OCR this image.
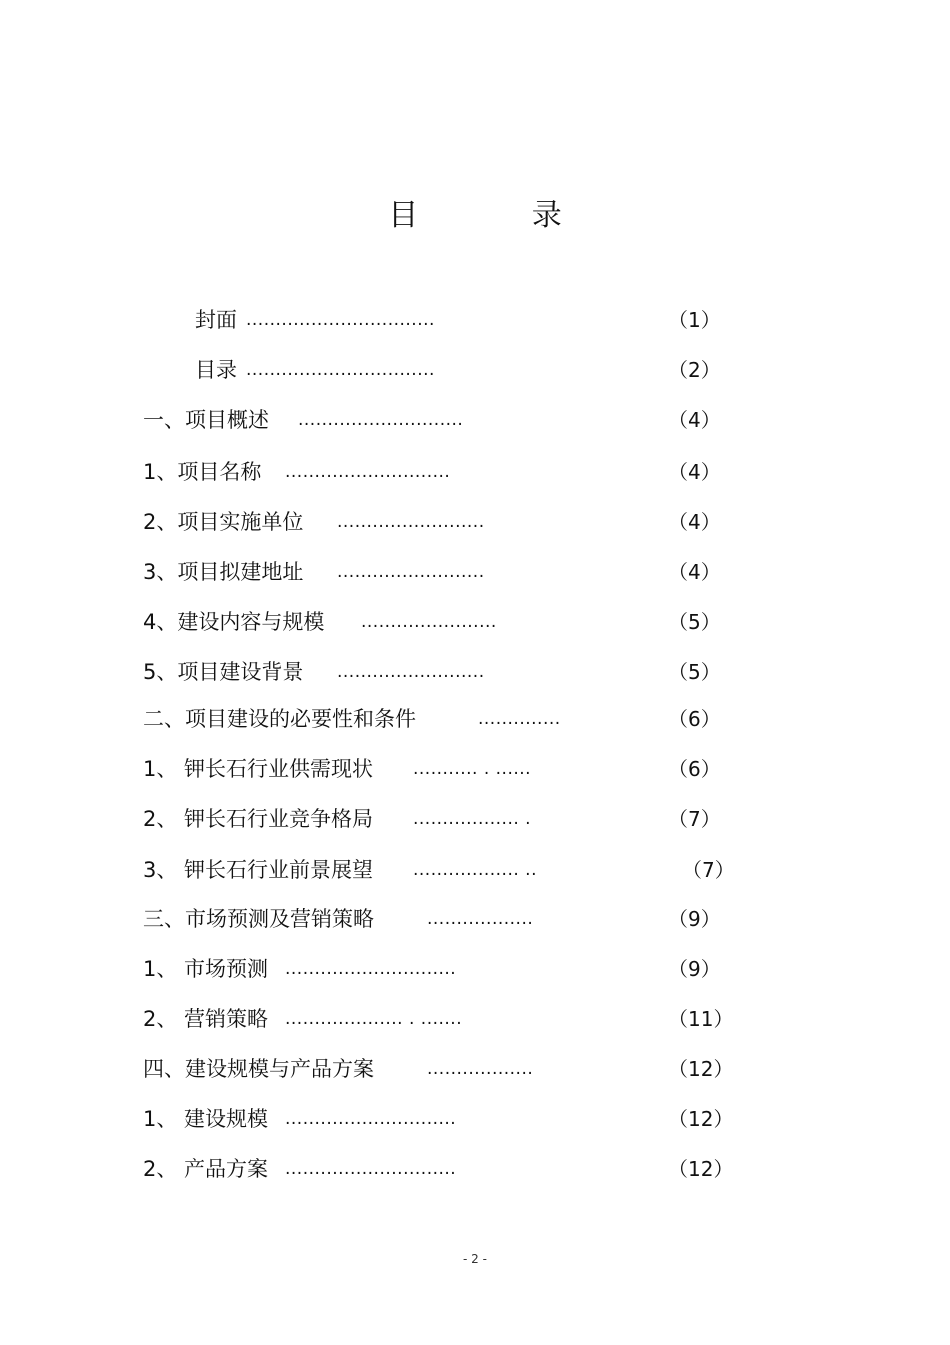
目 录
封面 ................................	（1）
目录 ................................	（2）
一、项目概述 ............................	（4）
1、项目名称 ............................	（4）
2、项目实施单位 .........................	（4）
3、项目拟建地址 .........................	（4）
4、建设内容与规模 .......................	（5）
5、项目建设背景 .........................	（5）
二、项目建设的必要性和条件	..............	（6）
1、 钾长石行业供需现状 ........... . ......	（6）
2、 钾长石行业竞争格局 .................. .	（7）
3、 钾长石行业前景展望 .................. ..	（7）
三、市场预测及营销策略	..................	（9）
1、 市场预测 .............................	（9）
2、 营销策略 .................... . .......	（11）
四、建设规模与产品方案	..................	（12）
1、 建设规模 .............................	（12）
2、 产品方案 .............................	（12）
- 2 -
